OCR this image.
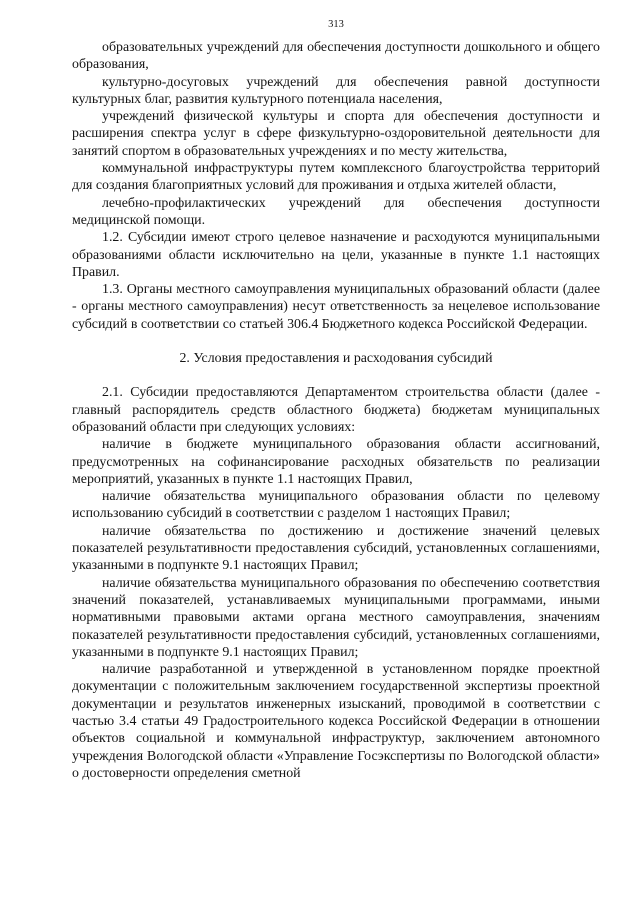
313

образовательных учреждений для обеспечения доступности дошкольного и общего образования,

культурно-досуговых учреждений для обеспечения равной доступности культурных благ, развития культурного потенциала населения,

учреждений физической культуры и спорта для обеспечения доступности и расширения спектра услуг в сфере физкультурно-оздоровительной деятельности для занятий спортом в образовательных учреждениях и по месту жительства,

коммунальной инфраструктуры путем комплексного благоустройства территорий для создания благоприятных условий для проживания и отдыха жителей области,

лечебно-профилактических учреждений для обеспечения доступности медицинской помощи.

1.2. Субсидии имеют строго целевое назначение и расходуются муниципальными образованиями области исключительно на цели, указанные в пункте 1.1 настоящих Правил.

1.3. Органы местного самоуправления муниципальных образований области (далее - органы местного самоуправления) несут ответственность за нецелевое использование субсидий в соответствии со статьей 306.4 Бюджетного кодекса Российской Федерации.

2. Условия предоставления и расходования субсидий

2.1. Субсидии предоставляются Департаментом строительства области (далее - главный распорядитель средств областного бюджета) бюджетам муниципальных образований области при следующих условиях:

наличие в бюджете муниципального образования области ассигнований, предусмотренных на софинансирование расходных обязательств по реализации мероприятий, указанных в пункте 1.1 настоящих Правил,

наличие обязательства муниципального образования области по целевому использованию субсидий в соответствии с разделом 1 настоящих Правил;

наличие обязательства по достижению и достижение значений целевых показателей результативности предоставления субсидий, установленных соглашениями, указанными в подпункте 9.1 настоящих Правил;

наличие обязательства муниципального образования по обеспечению соответствия значений показателей, устанавливаемых муниципальными программами, иными нормативными правовыми актами органа местного самоуправления, значениям показателей результативности предоставления субсидий, установленных соглашениями, указанными в подпункте 9.1 настоящих Правил;

наличие разработанной и утвержденной в установленном порядке проектной документации с положительным заключением государственной экспертизы проектной документации и результатов инженерных изысканий, проводимой в соответствии с частью 3.4 статьи 49 Градостроительного кодекса Российской Федерации в отношении объектов социальной и коммунальной инфраструктур, заключением автономного учреждения Вологодской области «Управление Госэкспертизы по Вологодской области» о достоверности определения сметной
